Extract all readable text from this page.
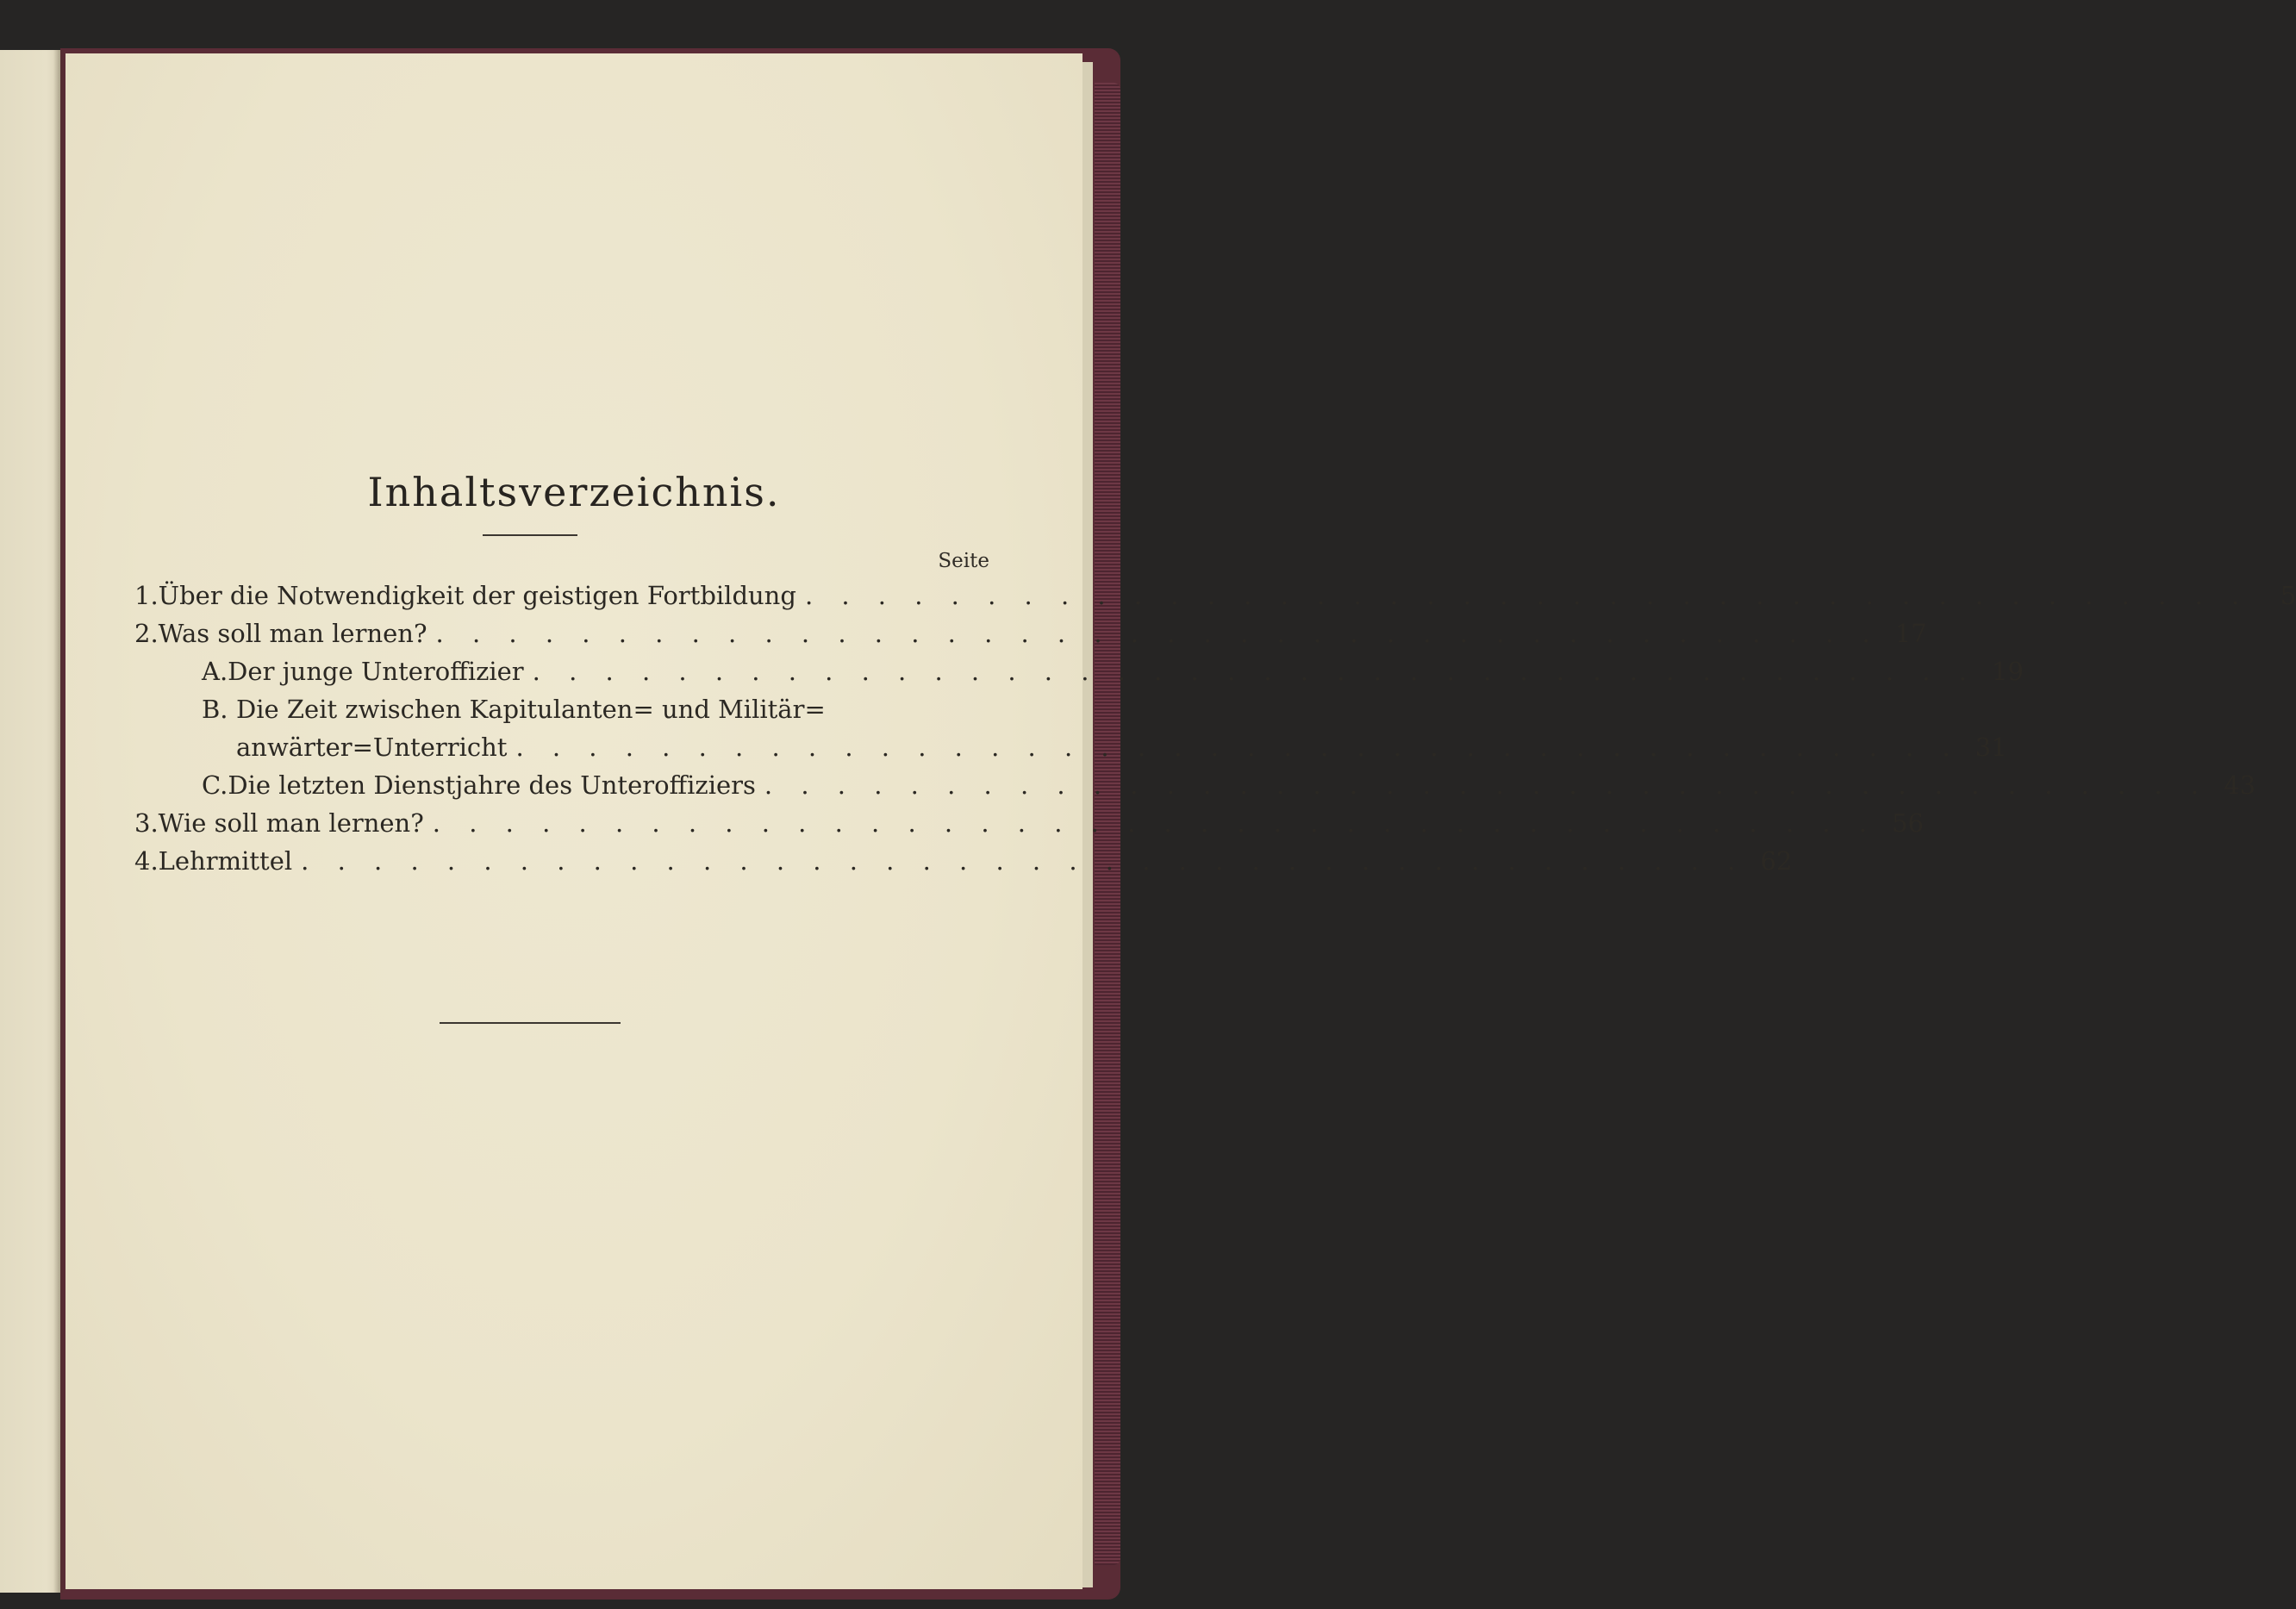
Inhaltsverzeichnis.
Seite
1. Über die Notwendigkeit der geistigen Fortbildung . . . . . . . . . . . . . . . . . . . . . . . . . . . . . . . . . . . . . . . .	5
2. Was soll man lernen? . . . . . . . . . . . . . . . . . . . . . . . . . . . . . . . . . . . . . . . . 17
A. Der junge Unteroffizier . . . . . . . . . . . . . . . . . . . . . . . . . . . . . . . . . . . . . . . . 19
B. Die Zeit zwischen Kapitulanten= und Militär=
anwärter=Unterricht . . . . . . . . . . . . . . . . . . . . . . . . . . . . . . . . . . . . . . . . 31
C. Die letzten Dienstjahre des Unteroffiziers . . . . . . . . . . . . . . . . . . . . . . . . . . . . . . . . . . . . . . . . 43
3. Wie soll man lernen? . . . . . . . . . . . . . . . . . . . . . . . . . . . . . . . . . . . . . . . . 56
4. Lehrmittel . . . . . . . . . . . . . . . . . . . . . . . . . . . . . . . . . . . . . . . . 62
